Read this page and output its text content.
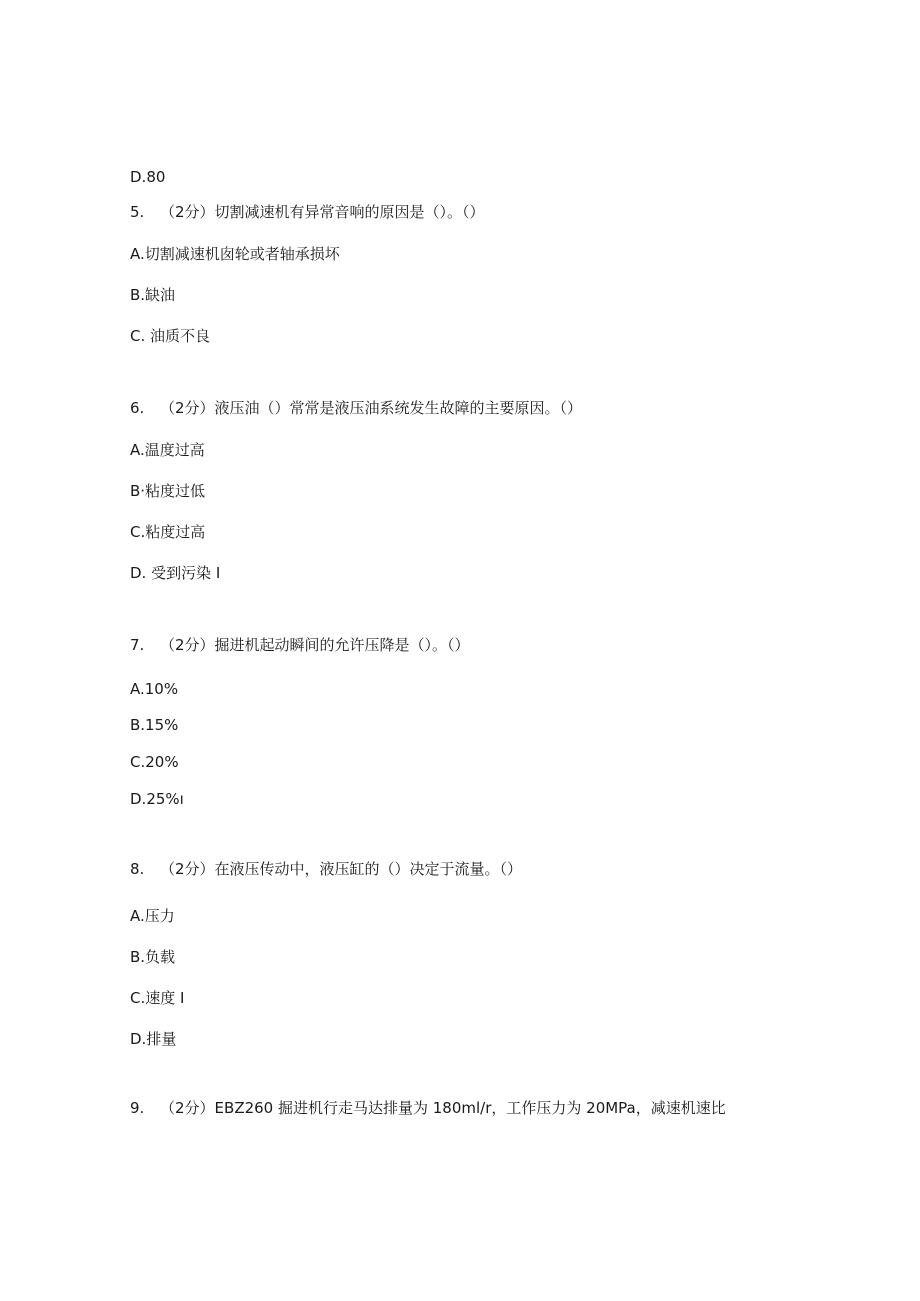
D.80
5. （2分）切割减速机有异常音响的原因是（）。（）
A.切割减速机囱轮或者轴承损坏
B.缺油
C. 油质不良
6. （2分）液压油（）常常是液压油系统发生故障的主要原因。（）
A.温度过高
B·粘度过低
C.粘度过高
D. 受到污染 I
7. （2分）掘进机起动瞬间的允许压降是（）。（）
A.10%
B.15%
C.20%
D.25%ı
8. （2分）在液压传动中，液压缸的（）决定于流量。（）
A.压力
B.负载
C.速度 I
D.排量
9. （2分）EBZ260 掘进机行走马达排量为 180ml/r，工作压力为 20MPa，减速机速比
